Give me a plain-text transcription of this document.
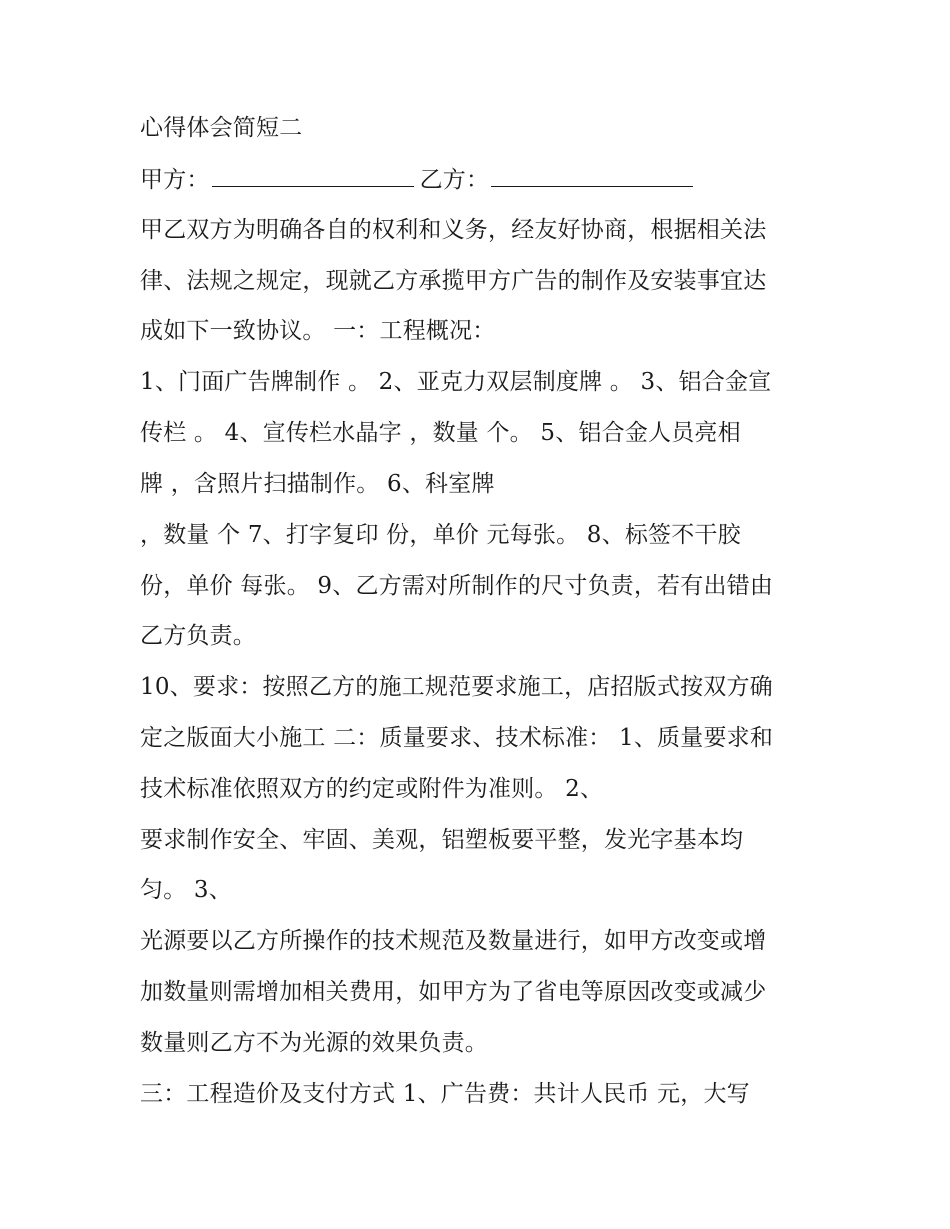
心得体会简短二
甲方：	乙方：
甲乙双方为明确各自的权利和义务，经友好协商，根据相关法
律、法规之规定，现就乙方承揽甲方广告的制作及安装事宜达
成如下一致协议。 一：工程概况：
1、门面广告牌制作 。 2、亚克力双层制度牌 。 3、铝合金宣
传栏 。 4、宣传栏水晶字 ，数量 个。 5、铝合金人员亮相
牌 ，含照片扫描制作。 6、科室牌
，数量 个 7、打字复印 份，单价 元每张。 8、标签不干胶
份，单价 每张。 9、乙方需对所制作的尺寸负责，若有出错由
乙方负责。
10、要求：按照乙方的施工规范要求施工，店招版式按双方确
定之版面大小施工 二：质量要求、技术标准： 1、质量要求和
技术标准依照双方的约定或附件为准则。 2、
要求制作安全、牢固、美观，铝塑板要平整，发光字基本均
匀。 3、
光源要以乙方所操作的技术规范及数量进行，如甲方改变或增
加数量则需增加相关费用，如甲方为了省电等原因改变或减少
数量则乙方不为光源的效果负责。
三：工程造价及支付方式 1、广告费：共计人民币 元，大写
